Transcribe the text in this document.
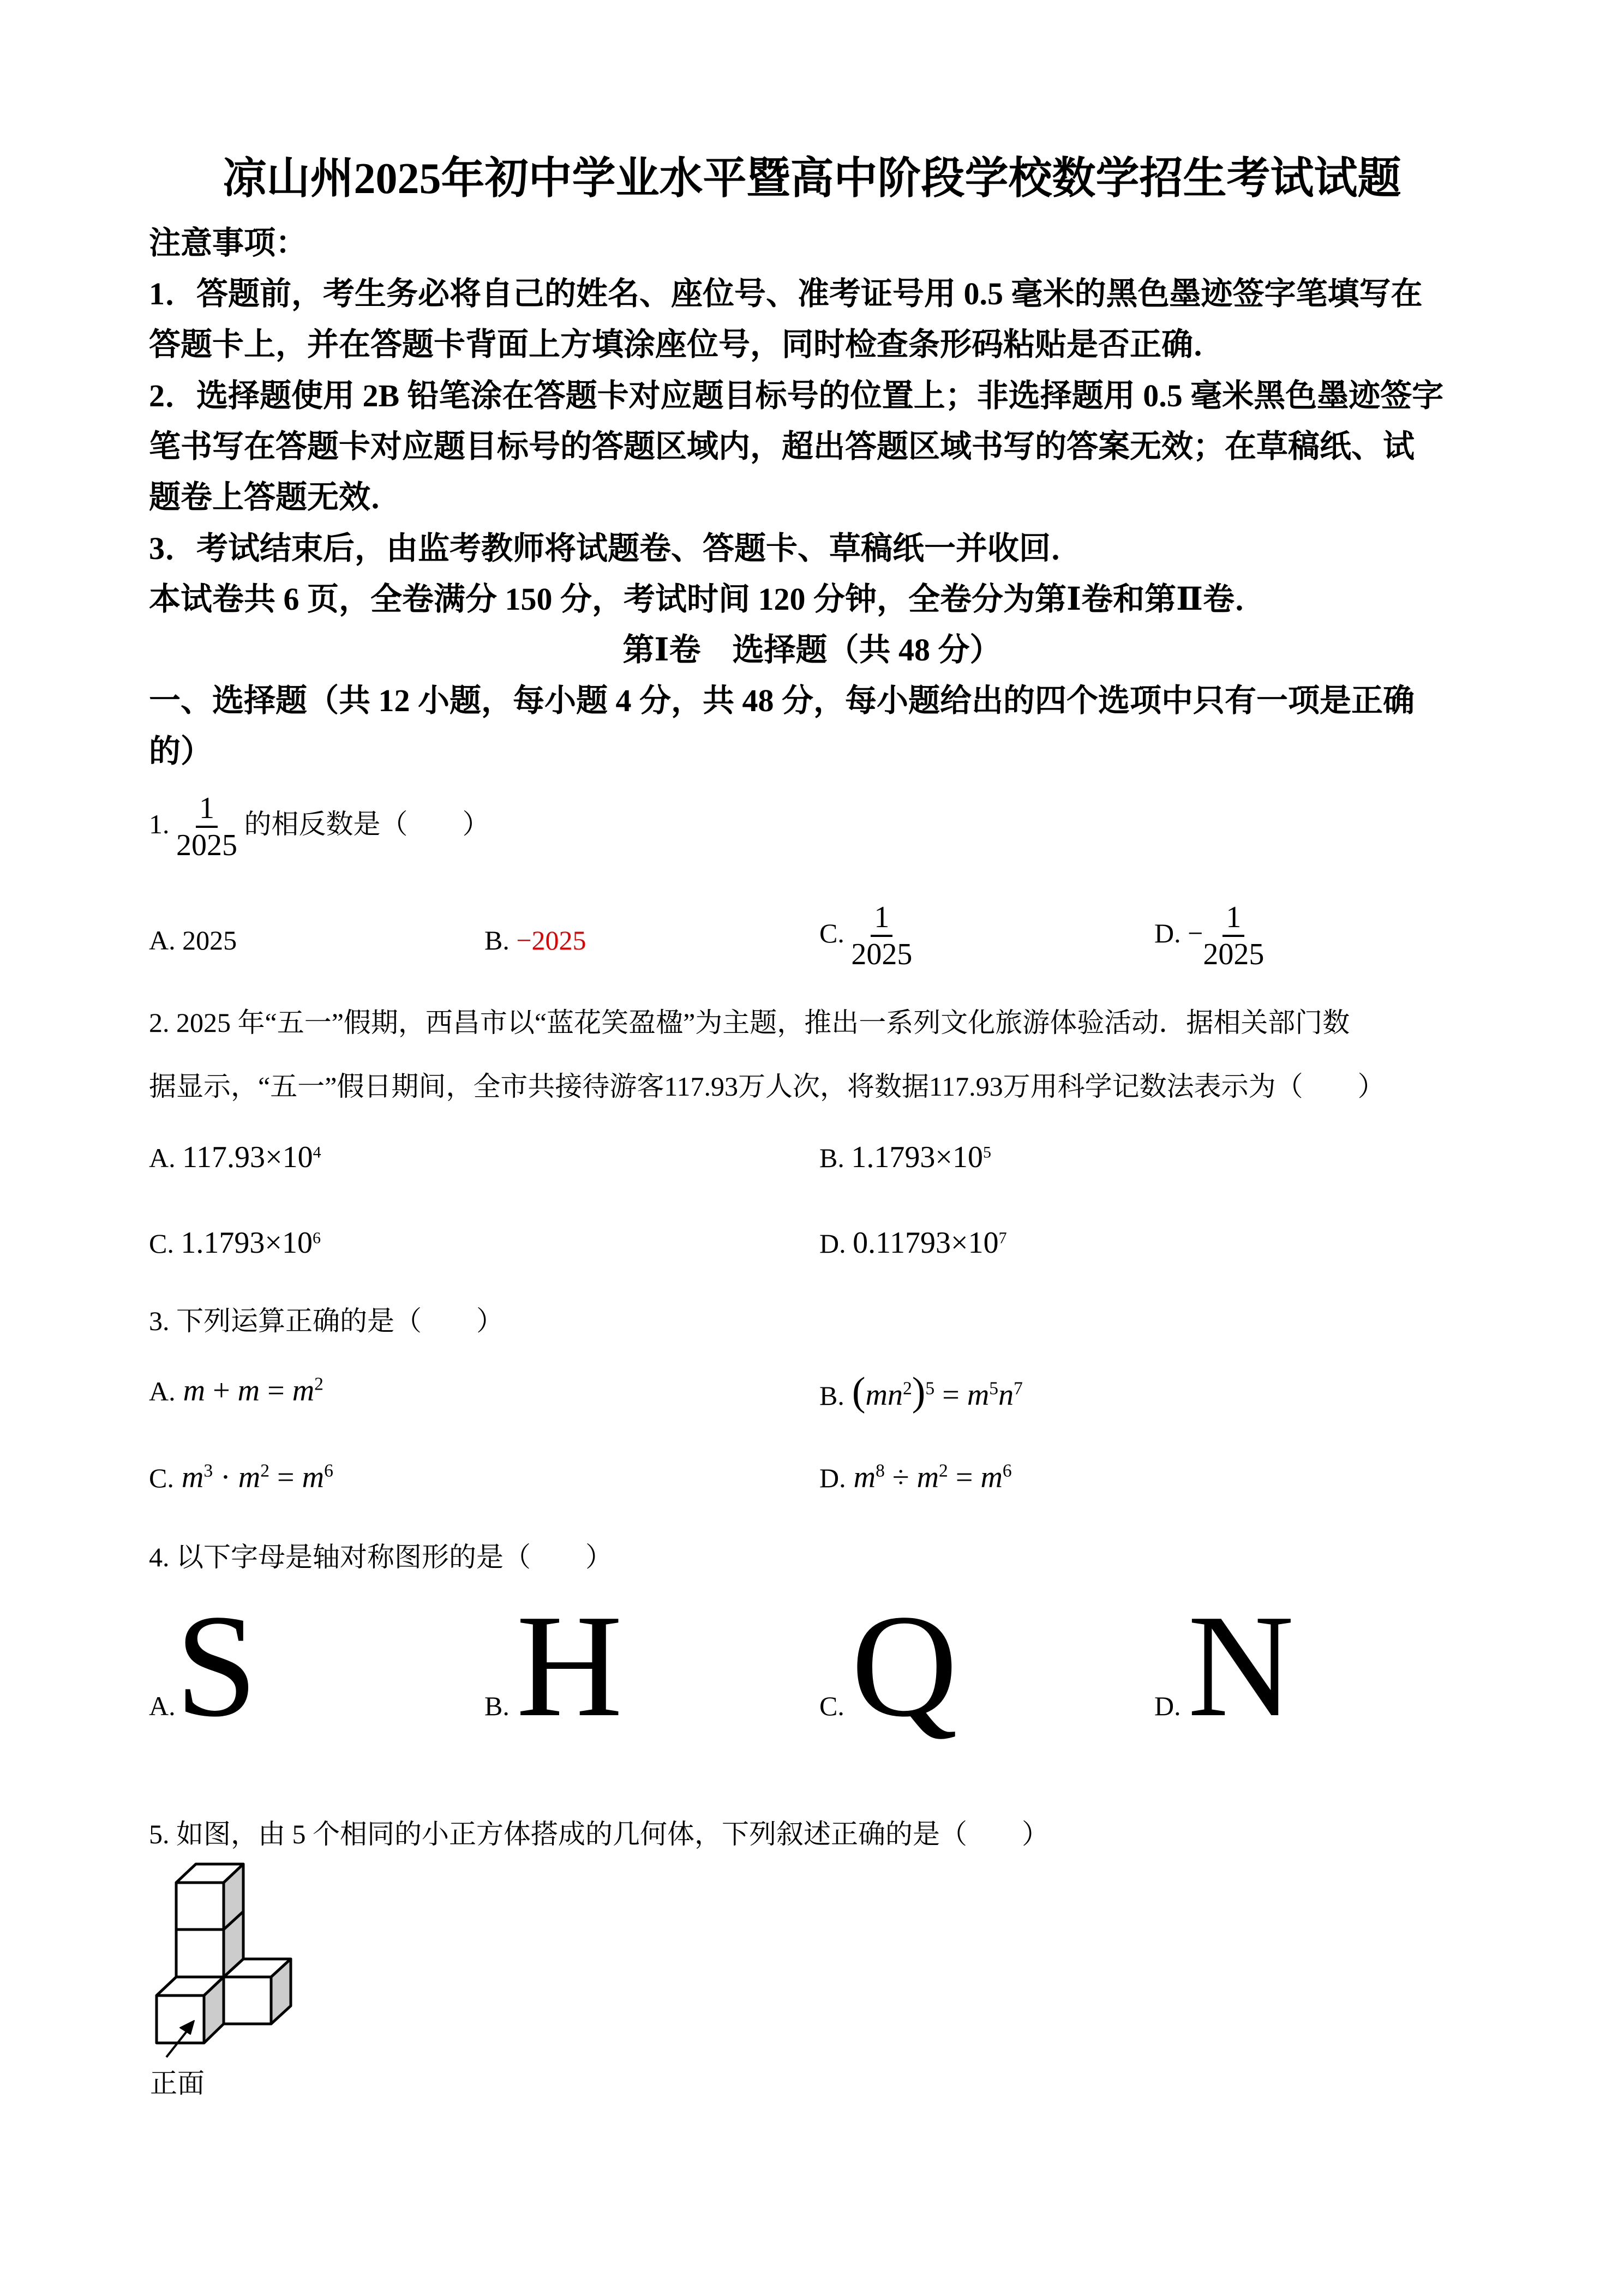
凉山州2025年初中学业水平暨高中阶段学校数学招生考试试题
注意事项：
1．答题前，考生务必将自己的姓名、座位号、准考证号用 0.5 毫米的黑色墨迹签字笔填写在
答题卡上，并在答题卡背面上方填涂座位号，同时检查条形码粘贴是否正确．
2．选择题使用 2B 铅笔涂在答题卡对应题目标号的位置上；非选择题用 0.5 毫米黑色墨迹签字
笔书写在答题卡对应题目标号的答题区域内，超出答题区域书写的答案无效；在草稿纸、试
题卷上答题无效．
3．考试结束后，由监考教师将试题卷、答题卡、草稿纸一并收回．
本试卷共 6 页，全卷满分 150 分，考试时间 120 分钟，全卷分为第Ⅰ卷和第Ⅱ卷．
第Ⅰ卷　选择题（共 48 分）
一、选择题（共 12 小题，每小题 4 分，共 48 分，每小题给出的四个选项中只有一项是正确
的）
1. $\frac{1}{2025}$ 的相反数是（　　）
A. 2025	B. −2025	C. $\frac{1}{2025}$	D. − $\frac{1}{2025}$
2. 2025 年“五一”假期，西昌市以“蓝花笑盈楹”为主题，推出一系列文化旅游体验活动．据相关部门数
据显示，“五一”假日期间，全市共接待游客117.93万人次，将数据117.93万用科学记数法表示为（　　）
A. $117.93\times 10^4$	B. $1.1793\times 10^5$
C. $1.1793\times 10^6$	D. $0.11793\times 10^7$
3. 下列运算正确的是（　　）
A. $m + m = m^2$	B. $(mn^2)^5 = m^5n^7$
C. $m^3 \cdot m^2 = m^6$	D. $m^8 \div m^2 = m^6$
4. 以下字母是轴对称图形的是（　　）
A.S	B. H	C. Q	D. N
5. 如图，由 5 个相同的小正方体搭成的几何体，下列叙述正确的是（　　）
正面
